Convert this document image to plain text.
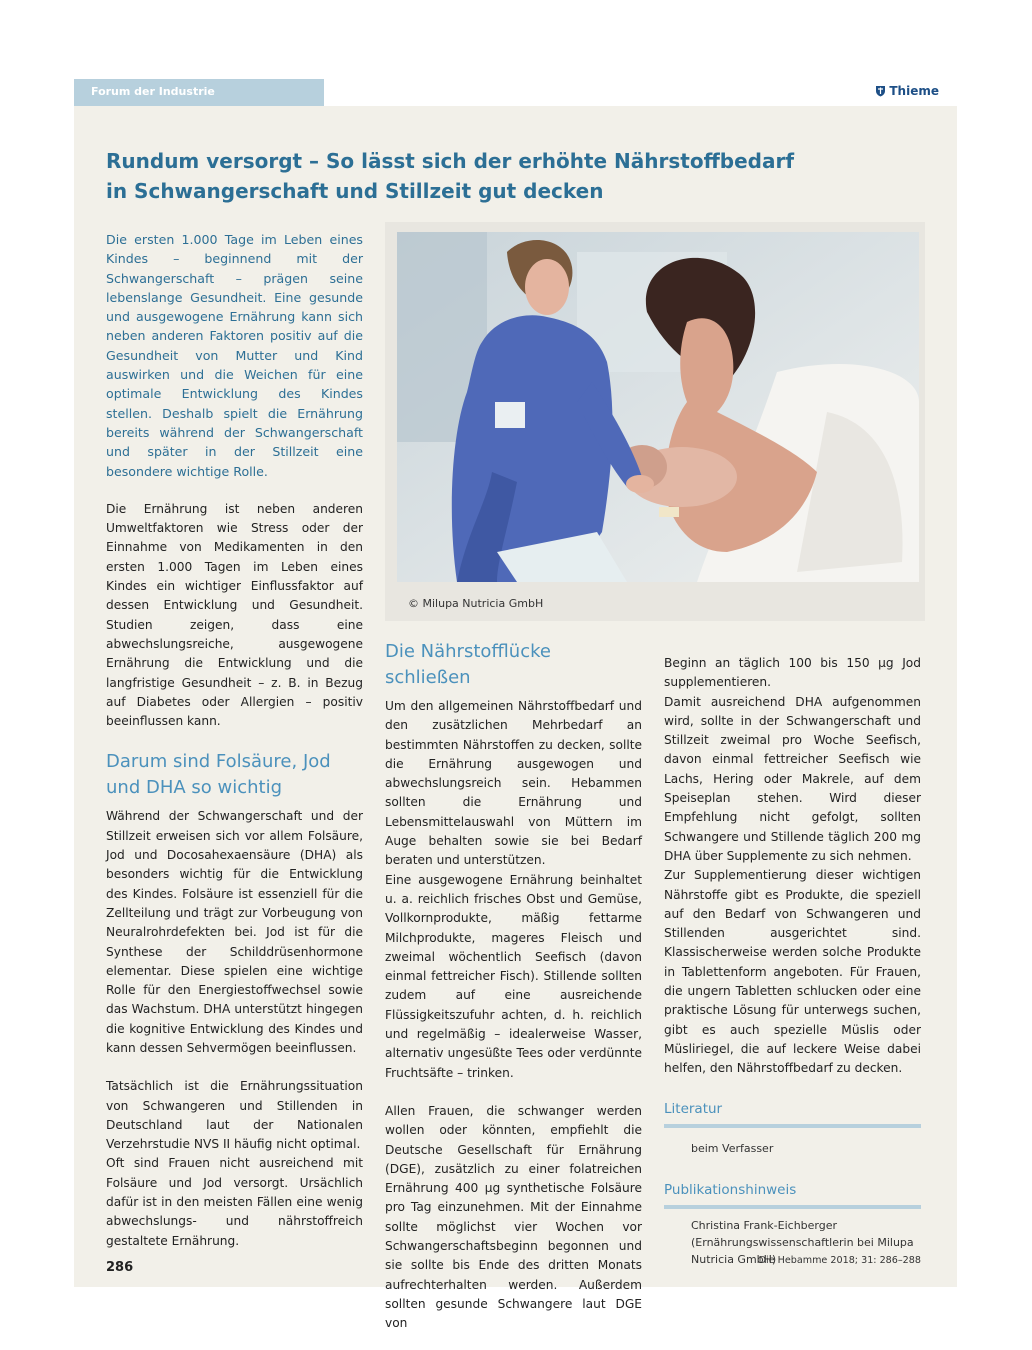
Forum der Industrie	Thieme
Rundum versorgt – So lässt sich der erhöhte Nährstoffbedarf
in Schwangerschaft und Stillzeit gut decken

Die ersten 1.000 Tage im Leben eines Kindes – beginnend mit der Schwangerschaft – prägen seine lebenslange Gesundheit. Eine gesunde und ausgewogene Ernährung kann sich neben anderen Faktoren positiv auf die Gesundheit von Mutter und Kind auswirken und die Weichen für eine optimale Entwicklung des Kindes stellen. Deshalb spielt die Ernährung bereits während der Schwangerschaft und später in der Stillzeit eine besondere wichtige Rolle.

Die Ernährung ist neben anderen Umweltfaktoren wie Stress oder der Einnahme von Medikamenten in den ersten 1.000 Tagen im Leben eines Kindes ein wichtiger Einflussfaktor auf dessen Entwicklung und Gesundheit. Studien zeigen, dass eine abwechslungsreiche, ausgewogene Ernährung die Entwicklung und die langfristige Gesundheit – z. B. in Bezug auf Diabetes oder Allergien – positiv beeinflussen kann.

Darum sind Folsäure, Jod und DHA so wichtig

Während der Schwangerschaft und der Stillzeit erweisen sich vor allem Folsäure, Jod und Docosahexaensäure (DHA) als besonders wichtig für die Entwicklung des Kindes. Folsäure ist essenziell für die Zellteilung und trägt zur Vorbeugung von Neuralrohrdefekten bei. Jod ist für die Synthese der Schilddrüsenhormone elementar. Diese spielen eine wichtige Rolle für den Energiestoffwechsel sowie das Wachstum. DHA unterstützt hingegen die kognitive Entwicklung des Kindes und kann dessen Sehvermögen beeinflussen.

Tatsächlich ist die Ernährungssituation von Schwangeren und Stillenden in Deutschland laut der Nationalen Verzehrstudie NVS II häufig nicht optimal.

Oft sind Frauen nicht ausreichend mit Folsäure und Jod versorgt. Ursächlich dafür ist in den meisten Fällen eine wenig abwechslungs- und nährstoffreich gestaltete Ernährung.

© Milupa Nutricia GmbH
Die Nährstofflücke schließen

Um den allgemeinen Nährstoffbedarf und den zusätzlichen Mehrbedarf an bestimmten Nährstoffen zu decken, sollte die Ernährung ausgewogen und abwechslungsreich sein. Hebammen sollten die Ernährung und Lebensmittelauswahl von Müttern im Auge behalten sowie sie bei Bedarf beraten und unterstützen.

Eine ausgewogene Ernährung beinhaltet u. a. reichlich frisches Obst und Gemüse, Vollkornprodukte, mäßig fettarme Milchprodukte, mageres Fleisch und zweimal wöchentlich Seefisch (davon einmal fettreicher Fisch). Stillende sollten zudem auf eine ausreichende Flüssigkeitszufuhr achten, d. h. reichlich und regelmäßig – idealerweise Wasser, alternativ ungesüßte Tees oder verdünnte Fruchtsäfte – trinken.

Allen Frauen, die schwanger werden wollen oder könnten, empfiehlt die Deutsche Gesellschaft für Ernährung (DGE), zusätzlich zu einer folatreichen Ernährung 400 µg synthetische Folsäure pro Tag einzunehmen. Mit der Einnahme sollte möglichst vier Wochen vor Schwangerschaftsbeginn begonnen und sie sollte bis Ende des dritten Monats aufrechterhalten werden. Außerdem sollten gesunde Schwangere laut DGE von

Beginn an täglich 100 bis 150 µg Jod supplementieren.

Damit ausreichend DHA aufgenommen wird, sollte in der Schwangerschaft und Stillzeit zweimal pro Woche Seefisch, davon einmal fettreicher Seefisch wie Lachs, Hering oder Makrele, auf dem Speiseplan stehen. Wird dieser Empfehlung nicht gefolgt, sollten Schwangere und Stillende täglich 200 mg DHA über Supplemente zu sich nehmen.

Zur Supplementierung dieser wichtigen Nährstoffe gibt es Produkte, die speziell auf den Bedarf von Schwangeren und Stillenden ausgerichtet sind. Klassischerweise werden solche Produkte in Tablettenform angeboten. Für Frauen, die ungern Tabletten schlucken oder eine praktische Lösung für unterwegs suchen, gibt es auch spezielle Müslis oder Müsliriegel, die auf leckere Weise dabei helfen, den Nährstoffbedarf zu decken.

Literatur
beim Verfasser
Publikationshinweis
Christina Frank-Eichberger (Ernährungswissenschaftlerin bei Milupa Nutricia GmbH)
286	Die Hebamme 2018; 31: 286–288
